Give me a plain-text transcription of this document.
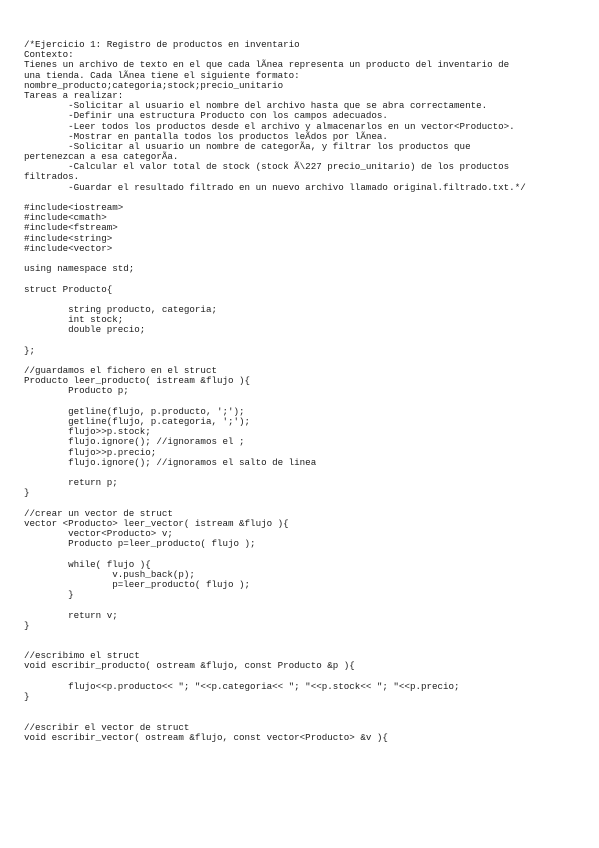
/*Ejercicio 1: Registro de productos en inventario
Contexto:
Tienes un archivo de texto en el que cada lÃnea representa un producto del inventario de
una tienda. Cada lÃnea tiene el siguiente formato:
nombre_producto;categoria;stock;precio_unitario
Tareas a realizar:
	-Solicitar al usuario el nombre del archivo hasta que se abra correctamente.
	-Definir una estructura Producto con los campos adecuados.
	-Leer todos los productos desde el archivo y almacenarlos en un vector<Producto>.
	-Mostrar en pantalla todos los productos leÃdos por lÃnea.
	-Solicitar al usuario un nombre de categorÃa, y filtrar los productos que
pertenezcan a esa categorÃa.
	-Calcular el valor total de stock (stock Ã\227 precio_unitario) de los productos
filtrados.
	-Guardar el resultado filtrado en un nuevo archivo llamado original.filtrado.txt.*/
#include<iostream>
#include<cmath>
#include<fstream>
#include<string>
#include<vector>
using namespace std;
struct Producto{
	string producto, categoria;
	int stock;
	double precio;
};
//guardamos el fichero en el struct
Producto leer_producto( istream &flujo ){
	Producto p;
	getline(flujo, p.producto, ';');
	getline(flujo, p.categoria, ';');
	flujo>>p.stock;
	flujo.ignore(); //ignoramos el ;
	flujo>>p.precio;
	flujo.ignore(); //ignoramos el salto de linea
	return p;
}
//crear un vector de struct
vector <Producto> leer_vector( istream &flujo ){
	vector<Producto> v;
	Producto p=leer_producto( flujo );
	while( flujo ){
		v.push_back(p);
		p=leer_producto( flujo );
	}
	return v;
}
//escribimo el struct
void escribir_producto( ostream &flujo, const Producto &p ){
	flujo<<p.producto<< "; "<<p.categoria<< "; "<<p.stock<< "; "<<p.precio;
}
//escribir el vector de struct
void escribir_vector( ostream &flujo, const vector<Producto> &v ){
